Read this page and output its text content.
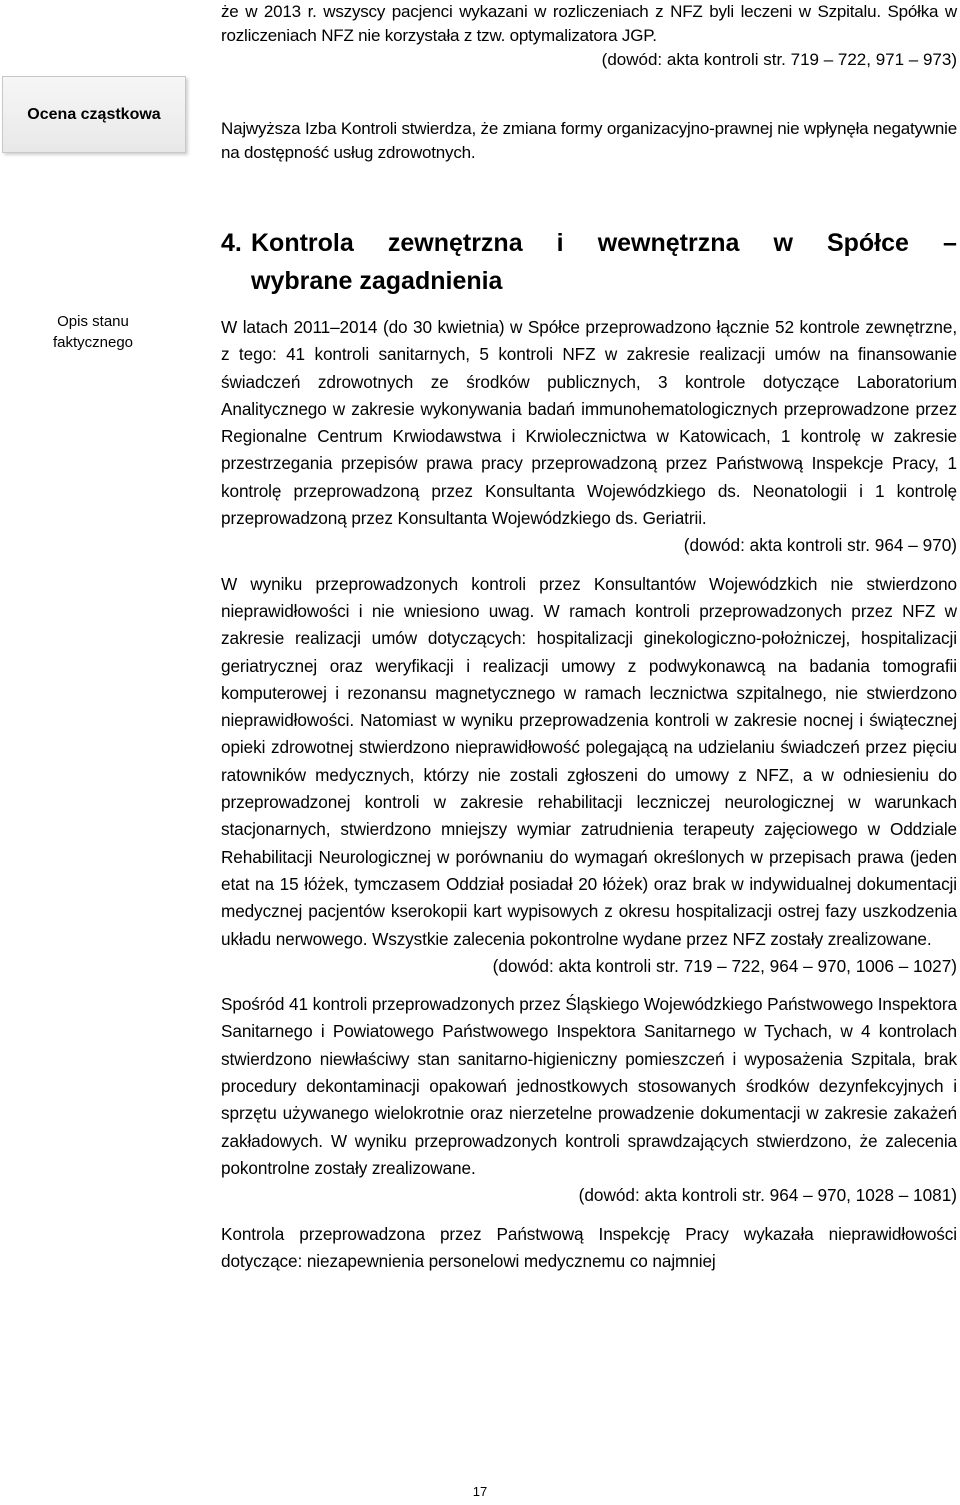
że w 2013 r. wszyscy pacjenci wykazani w rozliczeniach z NFZ byli leczeni w Szpitalu. Spółka w rozliczeniach NFZ nie korzystała z tzw. optymalizatora JGP.

(dowód: akta kontroli str. 719 – 722, 971 – 973)

Ocena cząstkowa

Najwyższa Izba Kontroli stwierdza, że zmiana formy organizacyjno-prawnej nie wpłynęła negatywnie na dostępność usług zdrowotnych.

4. Kontrola zewnętrzna i wewnętrzna w Spółce –
wybrane zagadnienia
Opis stanu
faktycznego

W latach 2011–2014 (do 30 kwietnia) w Spółce przeprowadzono łącznie 52 kontrole zewnętrzne, z tego: 41 kontroli sanitarnych, 5 kontroli NFZ w zakresie realizacji umów na finansowanie świadczeń zdrowotnych ze środków publicznych, 3 kontrole dotyczące Laboratorium Analitycznego w zakresie wykonywania badań immunohematologicznych przeprowadzone przez Regionalne Centrum Krwiodawstwa i Krwiolecznictwa w Katowicach, 1 kontrolę w zakresie przestrzegania przepisów prawa pracy przeprowadzoną przez Państwową Inspekcje Pracy, 1 kontrolę przeprowadzoną przez Konsultanta Wojewódzkiego ds. Neonatologii i 1 kontrolę przeprowadzoną przez Konsultanta Wojewódzkiego ds. Geriatrii.

(dowód: akta kontroli str. 964 – 970)

W wyniku przeprowadzonych kontroli przez Konsultantów Wojewódzkich nie stwierdzono nieprawidłowości i nie wniesiono uwag. W ramach kontroli przeprowadzonych przez NFZ w zakresie realizacji umów dotyczących: hospitalizacji ginekologiczno-położniczej, hospitalizacji geriatrycznej oraz weryfikacji i realizacji umowy z podwykonawcą na badania tomografii komputerowej i rezonansu magnetycznego w ramach lecznictwa szpitalnego, nie stwierdzono nieprawidłowości. Natomiast w wyniku przeprowadzenia kontroli w zakresie nocnej i świątecznej opieki zdrowotnej stwierdzono nieprawidłowość polegającą na udzielaniu świadczeń przez pięciu ratowników medycznych, którzy nie zostali zgłoszeni do umowy z NFZ, a w odniesieniu do przeprowadzonej kontroli w zakresie rehabilitacji leczniczej neurologicznej w warunkach stacjonarnych, stwierdzono mniejszy wymiar zatrudnienia terapeuty zajęciowego w Oddziale Rehabilitacji Neurologicznej w porównaniu do wymagań określonych w przepisach prawa (jeden etat na 15 łóżek, tymczasem Oddział posiadał 20 łóżek) oraz brak w indywidualnej dokumentacji medycznej pacjentów kserokopii kart wypisowych z okresu hospitalizacji ostrej fazy uszkodzenia układu nerwowego. Wszystkie zalecenia pokontrolne wydane przez NFZ zostały zrealizowane.

(dowód: akta kontroli str. 719 – 722, 964 – 970, 1006 – 1027)

Spośród 41 kontroli przeprowadzonych przez Śląskiego Wojewódzkiego Państwowego Inspektora Sanitarnego i Powiatowego Państwowego Inspektora Sanitarnego w Tychach, w 4 kontrolach stwierdzono niewłaściwy stan sanitarno-higieniczny pomieszczeń i wyposażenia Szpitala, brak procedury dekontaminacji opakowań jednostkowych stosowanych środków dezynfekcyjnych i sprzętu używanego wielokrotnie oraz nierzetelne prowadzenie dokumentacji w zakresie zakażeń zakładowych. W wyniku przeprowadzonych kontroli sprawdzających stwierdzono, że zalecenia pokontrolne zostały zrealizowane.

(dowód: akta kontroli str. 964 – 970, 1028 – 1081)

Kontrola przeprowadzona przez Państwową Inspekcję Pracy wykazała nieprawidłowości dotyczące: niezapewnienia personelowi medycznemu co najmniej

17
